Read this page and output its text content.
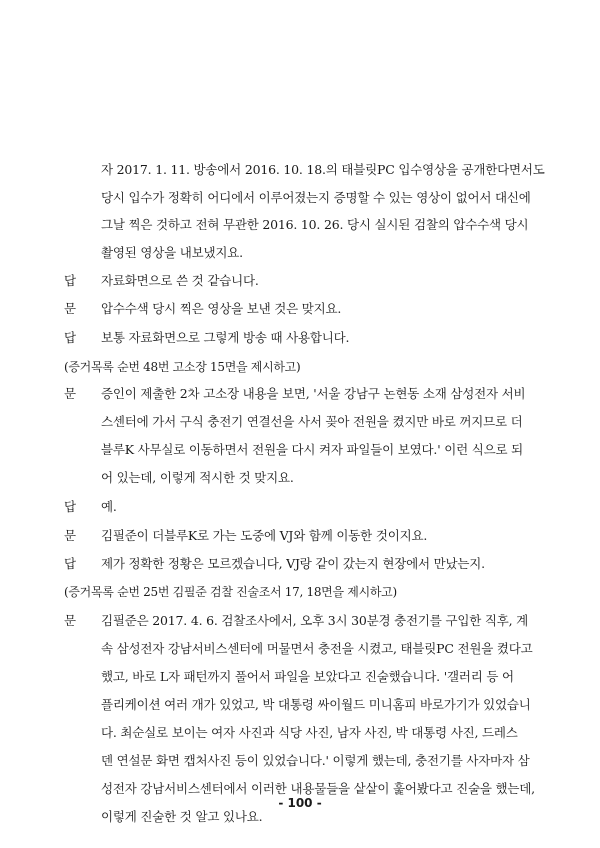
자 2017. 1. 11. 방송에서 2016. 10. 18.의 태블릿PC 입수영상을 공개한다면서도
당시 입수가 정확히 어디에서 이루어졌는지 증명할 수 있는 영상이 없어서 대신에
그날 찍은 것하고 전혀 무관한 2016. 10. 26. 당시 실시된 검찰의 압수수색 당시
촬영된 영상을 내보냈지요.
답 자료화면으로 쓴 것 같습니다.
문 압수수색 당시 찍은 영상을 보낸 것은 맞지요.
답 보통 자료화면으로 그렇게 방송 때 사용합니다.
(증거목록 순번 48번 고소장 15면을 제시하고)
문 증인이 제출한 2차 고소장 내용을 보면, '서울 강남구 논현동 소재 삼성전자 서비
스센터에 가서 구식 충전기 연결선을 사서 꽂아 전원을 켰지만 바로 꺼지므로 더
블루K 사무실로 이동하면서 전원을 다시 켜자 파일들이 보였다.' 이런 식으로 되
어 있는데, 이렇게 적시한 것 맞지요.
답 예.
문 김필준이 더블루K로 가는 도중에 VJ와 함께 이동한 것이지요.
답 제가 정확한 정황은 모르겠습니다, VJ랑 같이 갔는지 현장에서 만났는지.
(증거목록 순번 25번 김필준 검찰 진술조서 17, 18면을 제시하고)
문 김필준은 2017. 4. 6. 검찰조사에서, 오후 3시 30분경 충전기를 구입한 직후, 계
속 삼성전자 강남서비스센터에 머물면서 충전을 시켰고, 태블릿PC 전원을 켰다고
했고, 바로 L자 패턴까지 풀어서 파일을 보았다고 진술했습니다. '갤러리 등 어
플리케이션 여러 개가 있었고, 박 대통령 싸이월드 미니홈피 바로가기가 있었습니
다. 최순실로 보이는 여자 사진과 식당 사진, 남자 사진, 박 대통령 사진, 드레스
덴 연설문 화면 캡처사진 등이 있었습니다.' 이렇게 했는데, 충전기를 사자마자 삼
성전자 강남서비스센터에서 이러한 내용물들을 샅샅이 훑어봤다고 진술을 했는데,
이렇게 진술한 것 알고 있나요.
- 100 -
